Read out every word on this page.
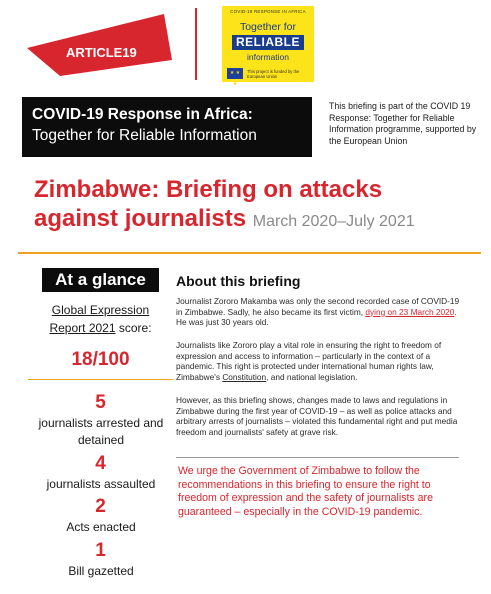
ARTICLE19
COVID-19 RESPONSE IN AFRICA
Together for
RELIABLE
information
★ ★ ★
This project is funded by the European Union
COVID-19 Response in Africa:
Together for Reliable Information
This briefing is part of the COVID 19 Response: Together for Reliable Information programme, supported by the European Union
Zimbabwe: Briefing on attacks
against journalists March 2020–July 2021
At a glance
Global Expression
Report 2021 score:
18/100
5
journalists arrested and detained
4
journalists assaulted
2
Acts enacted
1
Bill gazetted
About this briefing
Journalist Zororo Makamba was only the second recorded case of COVID-19 in Zimbabwe. Sadly, he also became its first victim, dying on 23 March 2020. He was just 30 years old.
Journalists like Zororo play a vital role in ensuring the right to freedom of expression and access to information – particularly in the context of a pandemic. This right is protected under international human rights law, Zimbabwe's Constitution, and national legislation.
However, as this briefing shows, changes made to laws and regulations in Zimbabwe during the first year of COVID-19 – as well as police attacks and arbitrary arrests of journalists – violated this fundamental right and put media freedom and journalists' safety at grave risk.
We urge the Government of Zimbabwe to follow the recommendations in this briefing to ensure the right to freedom of expression and the safety of journalists are guaranteed – especially in the COVID-19 pandemic.
